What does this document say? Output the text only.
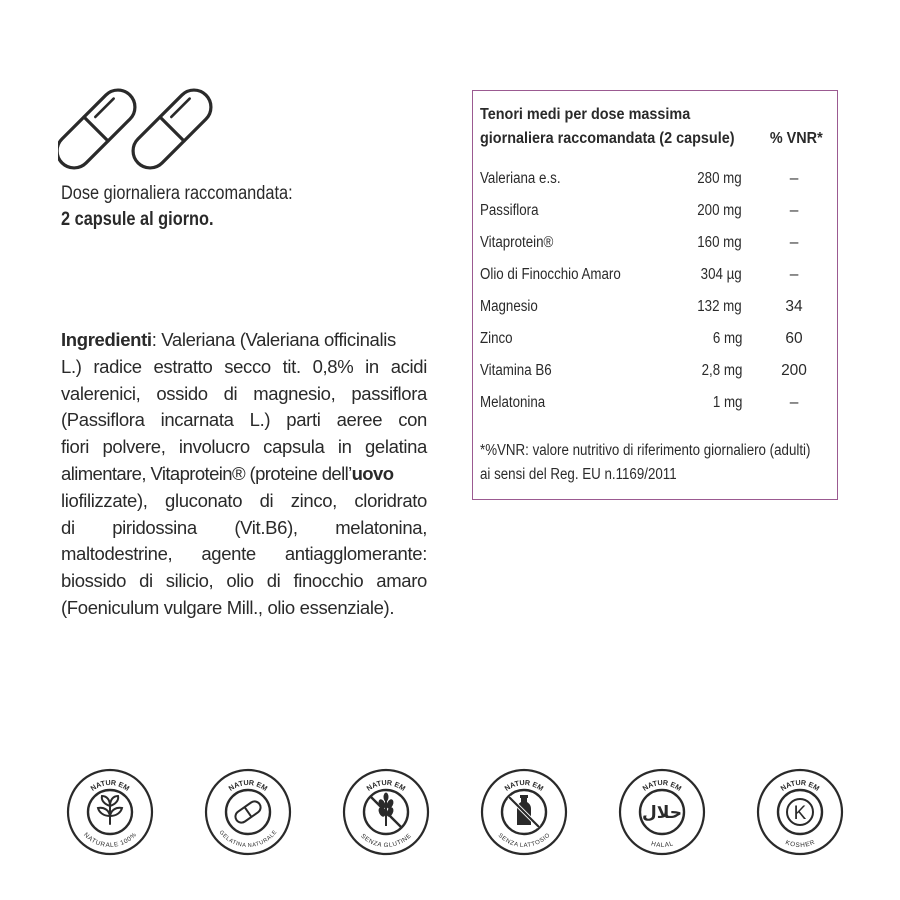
Dose giornaliera raccomandata:
2 capsule al giorno.
Ingredienti: Valeriana (Valeriana officinalis
L.) radice estratto secco tit. 0,8% in acidi
valerenici, ossido di magnesio, passiflora
(Passiflora incarnata L.) parti aeree con
fiori polvere, involucro capsula in gelatina
alimentare, Vitaprotein® (proteine dell’uovo
liofilizzate), gluconato di zinco, cloridrato
di piridossina (Vit.B6), melatonina,
maltodestrine, agente antiagglomerante:
biossido di silicio, olio di finocchio amaro
(Foeniculum vulgare Mill., olio essenziale).
Tenori medi per dose massima
giornaliera raccomandata (2 capsule) % VNR*
Valeriana e.s.	280 mg	–
Passiflora	200 mg	–
Vitaprotein®	160 mg	–
Olio di Finocchio Amaro	304 µg	–
Magnesio	132 mg	34
Zinco	6 mg	60
Vitamina B6	2,8 mg	200
Melatonina	1 mg	–
*%VNR: valore nutritivo di riferimento giornaliero (adulti)
ai sensi del Reg. EU n.1169/2011
NATUR EM
NATURALE 100%
NATUR EM
GELATINA NATURALE
NATUR EM
SENZA GLUTINE
NATUR EM
SENZA LATTOSIO
NATUR EM
HALAL
حلال
NATUR EM
KOSHER
K
